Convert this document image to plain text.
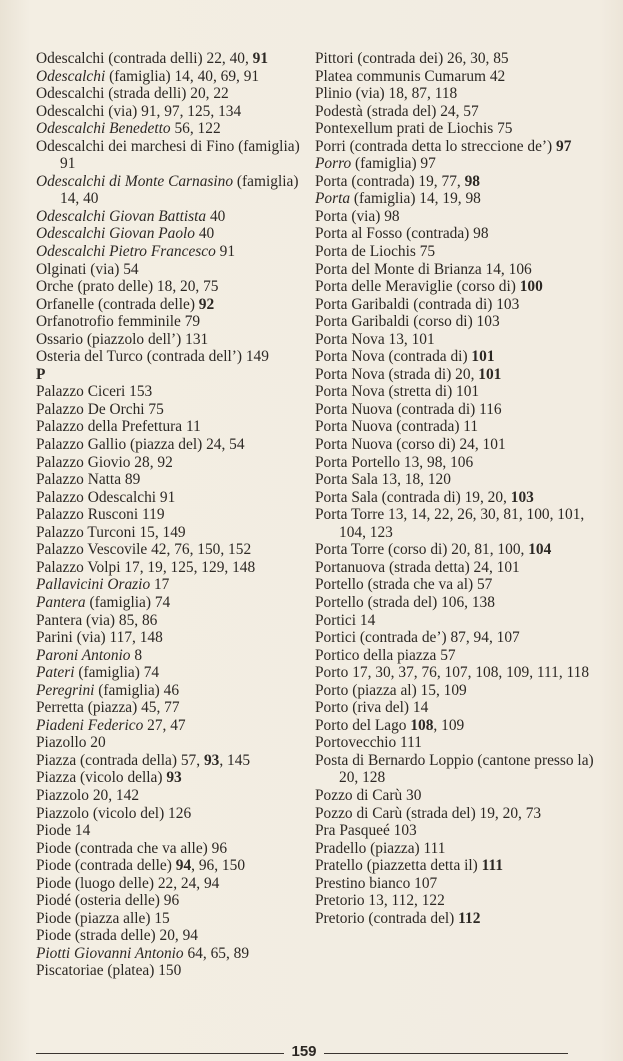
Odescalchi (contrada delli) 22, 40, 91

Odescalchi (famiglia) 14, 40, 69, 91

Odescalchi (strada delli) 20, 22

Odescalchi (via) 91, 97, 125, 134

Odescalchi Benedetto 56, 122

Odescalchi dei marchesi di Fino (famiglia) 91

Odescalchi di Monte Carnasino (famiglia) 14, 40

Odescalchi Giovan Battista 40

Odescalchi Giovan Paolo 40

Odescalchi Pietro Francesco 91

Olginati (via) 54

Orche (prato delle) 18, 20, 75

Orfanelle (contrada delle) 92

Orfanotrofio femminile 79

Ossario (piazzolo dell’) 131

Osteria del Turco (contrada dell’) 149

P

Palazzo Ciceri 153

Palazzo De Orchi 75

Palazzo della Prefettura 11

Palazzo Gallio (piazza del) 24, 54

Palazzo Giovio 28, 92

Palazzo Natta 89

Palazzo Odescalchi 91

Palazzo Rusconi 119

Palazzo Turconi 15, 149

Palazzo Vescovile 42, 76, 150, 152

Palazzo Volpi 17, 19, 125, 129, 148

Pallavicini Orazio 17

Pantera (famiglia) 74

Pantera (via) 85, 86

Parini (via) 117, 148

Paroni Antonio 8

Pateri (famiglia) 74

Peregrini (famiglia) 46

Perretta (piazza) 45, 77

Piadeni Federico 27, 47

Piazollo 20

Piazza (contrada della) 57, 93, 145

Piazza (vicolo della) 93

Piazzolo 20, 142

Piazzolo (vicolo del) 126

Piode 14

Piode (contrada che va alle) 96

Piode (contrada delle) 94, 96, 150

Piode (luogo delle) 22, 24, 94

Piodé (osteria delle) 96

Piode (piazza alle) 15

Piode (strada delle) 20, 94

Piotti Giovanni Antonio 64, 65, 89

Piscatoriae (platea) 150

Pittori (contrada dei) 26, 30, 85

Platea communis Cumarum 42

Plinio (via) 18, 87, 118

Podestà (strada del) 24, 57

Pontexellum prati de Liochis 75

Porri (contrada detta lo streccione de’) 97

Porro (famiglia) 97

Porta (contrada) 19, 77, 98

Porta (famiglia) 14, 19, 98

Porta (via) 98

Porta al Fosso (contrada) 98

Porta de Liochis 75

Porta del Monte di Brianza 14, 106

Porta delle Meraviglie (corso di) 100

Porta Garibaldi (contrada di) 103

Porta Garibaldi (corso di) 103

Porta Nova 13, 101

Porta Nova (contrada di) 101

Porta Nova (strada di) 20, 101

Porta Nova (stretta di) 101

Porta Nuova (contrada di) 116

Porta Nuova (contrada) 11

Porta Nuova (corso di) 24, 101

Porta Portello 13, 98, 106

Porta Sala 13, 18, 120

Porta Sala (contrada di) 19, 20, 103

Porta Torre 13, 14, 22, 26, 30, 81, 100, 101, 104, 123

Porta Torre (corso di) 20, 81, 100, 104

Portanuova (strada detta) 24, 101

Portello (strada che va al) 57

Portello (strada del) 106, 138

Portici 14

Portici (contrada de’) 87, 94, 107

Portico della piazza 57

Porto 17, 30, 37, 76, 107, 108, 109, 111, 118

Porto (piazza al) 15, 109

Porto (riva del) 14

Porto del Lago 108, 109

Portovecchio 111

Posta di Bernardo Loppio (cantone presso la) 20, 128

Pozzo di Carù 30

Pozzo di Carù (strada del) 19, 20, 73

Pra Pasqueé 103

Pradello (piazza) 111

Pratello (piazzetta detta il) 111

Prestino bianco 107

Pretorio 13, 112, 122

Pretorio (contrada del) 112

159
